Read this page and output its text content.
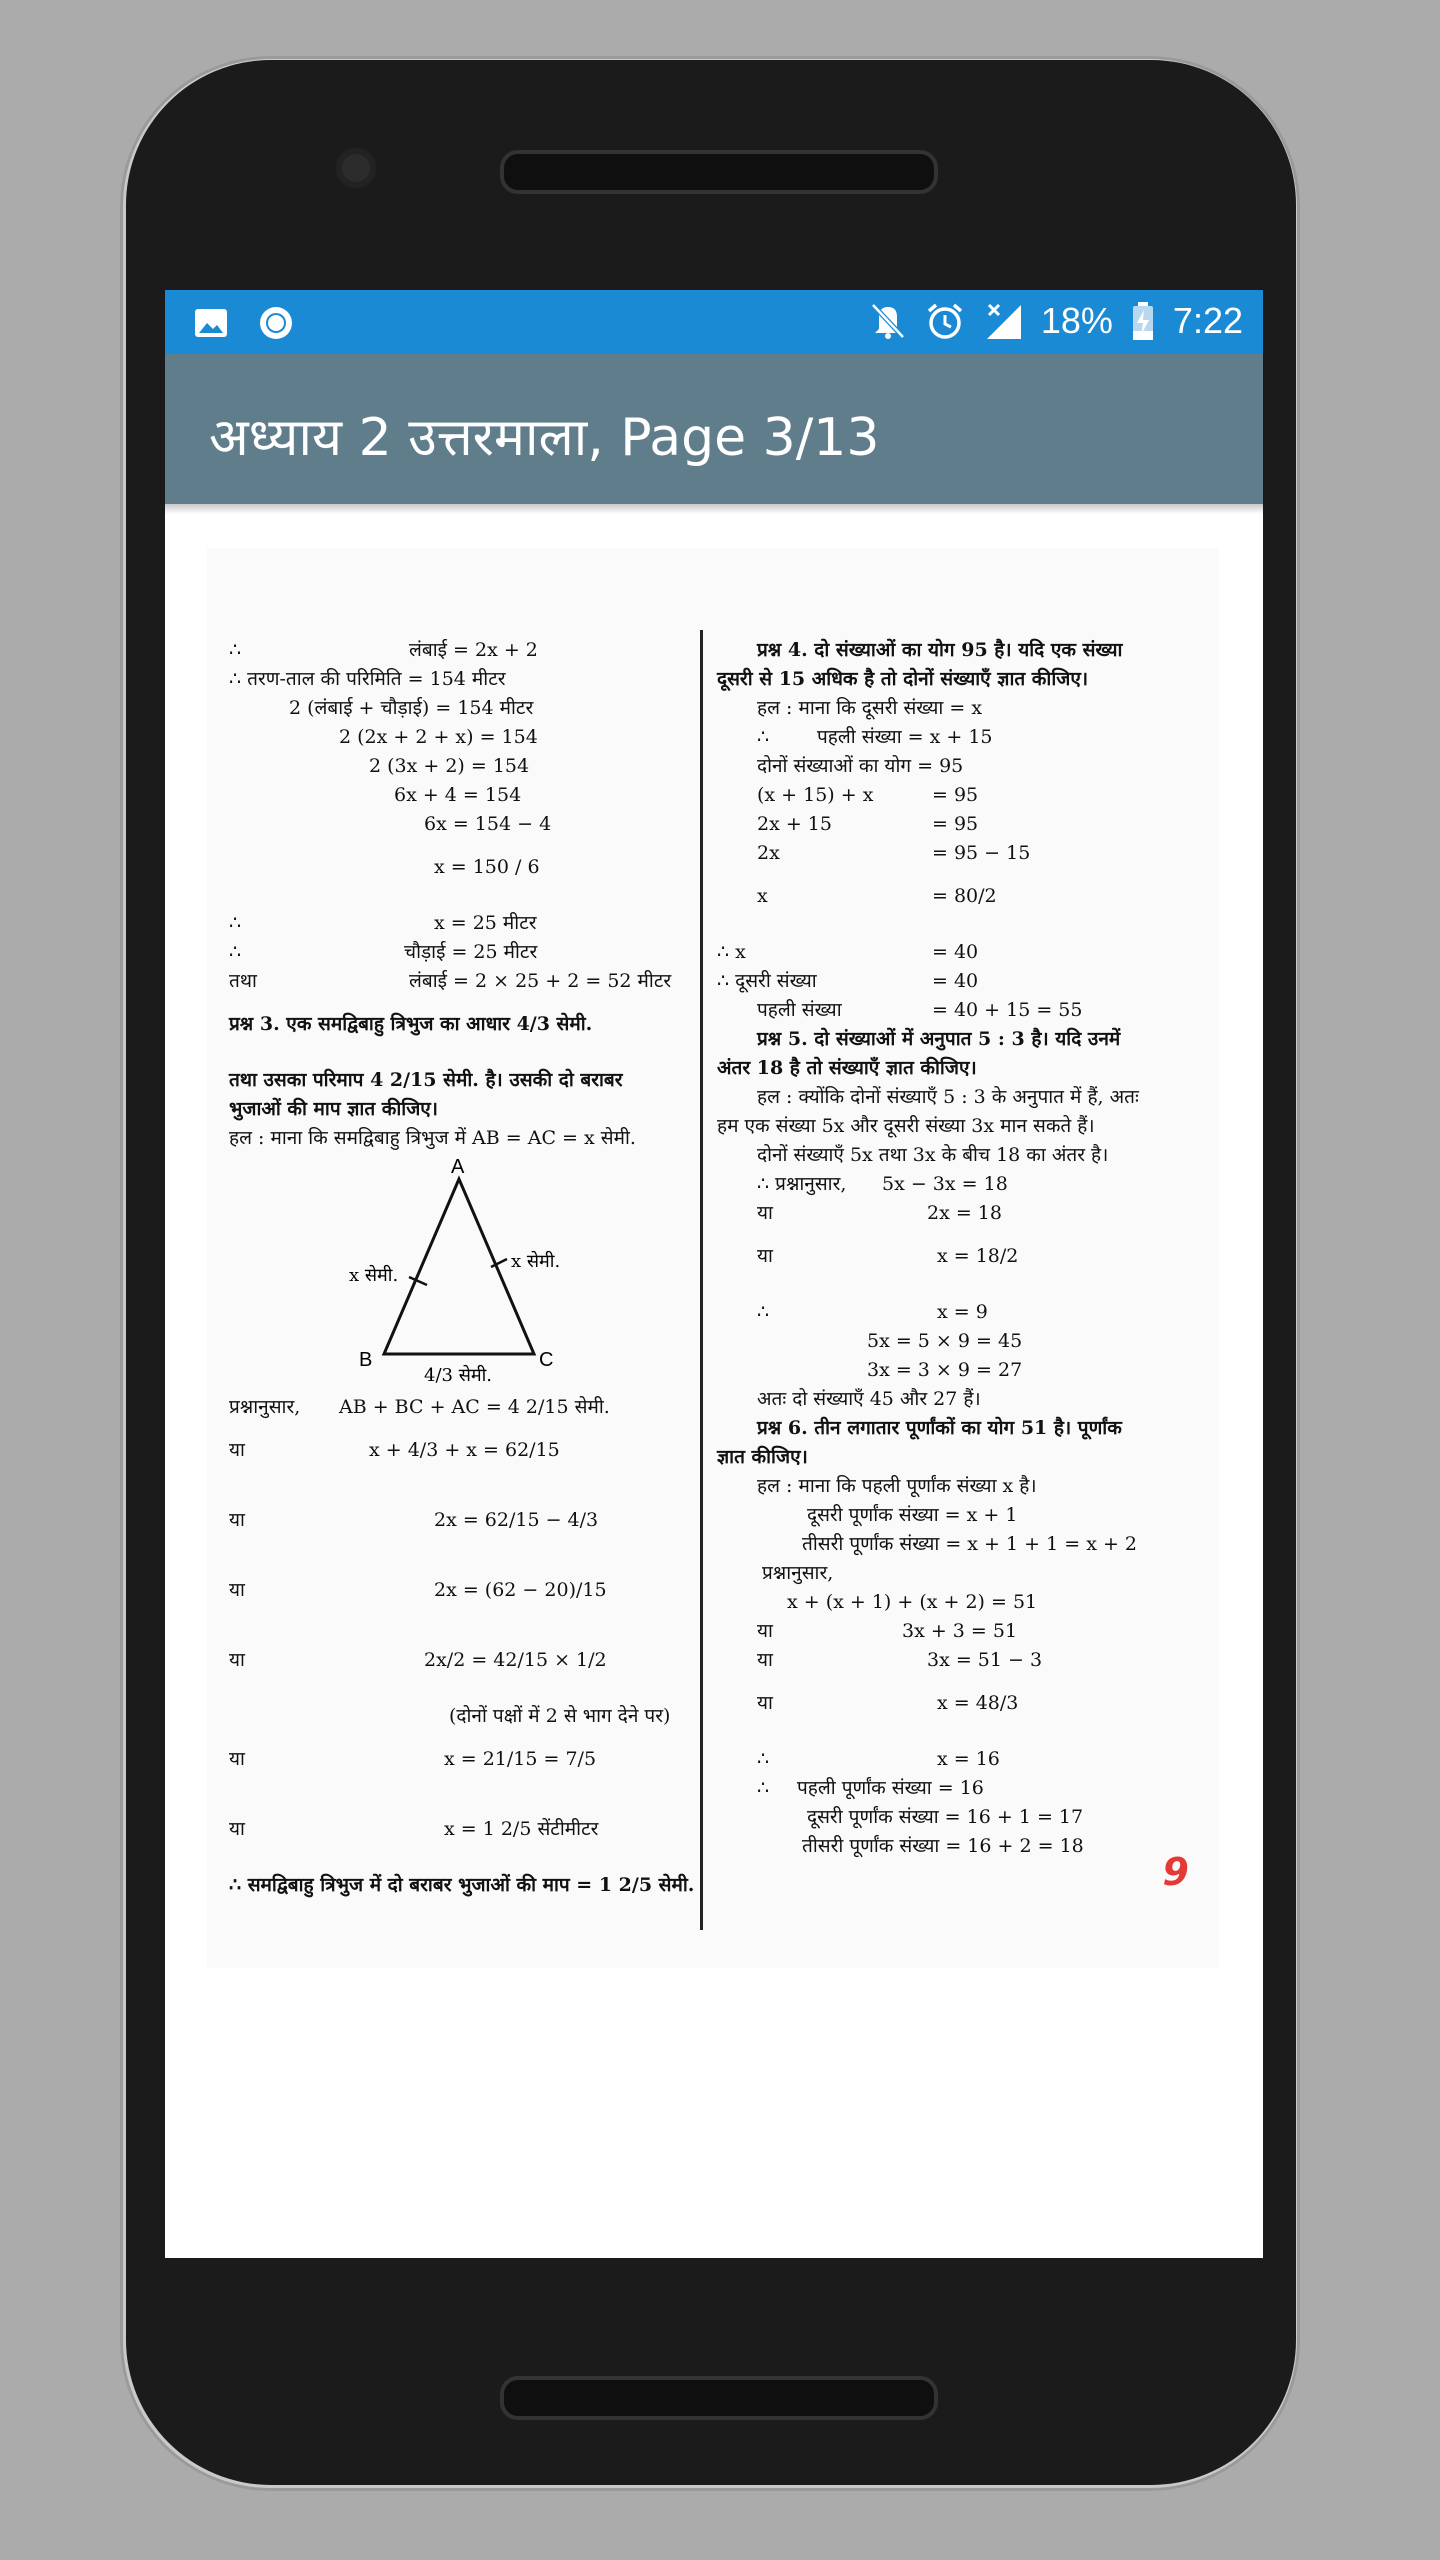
18% 7:22
अध्याय 2 उत्तरमाला, Page 3/13
∴	लंबाई = 2x + 2
∴ तरण-ताल की परिमिति = 154 मीटर
2 (लंबाई + चौड़ाई) = 154 मीटर
2 (2x + 2 + x) = 154
2 (3x + 2) = 154
6x + 4 = 154
6x = 154 − 4
x = 150 / 6
∴	x = 25 मीटर
∴	चौड़ाई = 25 मीटर
तथा	लंबाई = 2 × 25 + 2 = 52 मीटर
प्रश्न 3. एक समद्विबाहु त्रिभुज का आधार 4/3 सेमी.
तथा उसका परिमाप 4 2/15 सेमी. है। उसकी दो बराबर
भुजाओं की माप ज्ञात कीजिए।
हल : माना कि समद्विबाहु त्रिभुज में AB = AC = x सेमी.
A
B	C
x सेमी.
x सेमी.
4/3 सेमी.
प्रश्नानुसार, AB + BC + AC = 4 2/15 सेमी.
या	x + 4/3 + x = 62/15
या	2x = 62/15 − 4/3
या	2x = (62 − 20)/15
या	2x/2 = 42/15 × 1/2
(दोनों पक्षों में 2 से भाग देने पर)
या	x = 21/15 = 7/5
या	x = 1 2/5 सेंटीमीटर
∴ समद्विबाहु त्रिभुज में दो बराबर भुजाओं की माप = 1 2/5 सेमी.
प्रश्न 4. दो संख्याओं का योग 95 है। यदि एक संख्या
दूसरी से 15 अधिक है तो दोनों संख्याएँ ज्ञात कीजिए।
हल : माना कि दूसरी संख्या = x
∴	पहली संख्या = x + 15
दोनों संख्याओं का योग = 95
(x + 15) + x	= 95
2x + 15	= 95
2x	= 95 − 15
x	= 80/2
∴ x	= 40
∴ दूसरी संख्या	= 40
पहली संख्या	= 40 + 15 = 55
प्रश्न 5. दो संख्याओं में अनुपात 5 : 3 है। यदि उनमें
अंतर 18 है तो संख्याएँ ज्ञात कीजिए।
हल : क्योंकि दोनों संख्याएँ 5 : 3 के अनुपात में हैं, अतः
हम एक संख्या 5x और दूसरी संख्या 3x मान सकते हैं।
दोनों संख्याएँ 5x तथा 3x के बीच 18 का अंतर है।
∴ प्रश्नानुसार, 5x − 3x = 18
या	2x = 18
या	x = 18/2
∴	x = 9
5x = 5 × 9 = 45
3x = 3 × 9 = 27
अतः दो संख्याएँ 45 और 27 हैं।
प्रश्न 6. तीन लगातार पूर्णांकों का योग 51 है। पूर्णांक
ज्ञात कीजिए।
हल : माना कि पहली पूर्णांक संख्या x है।
दूसरी पूर्णांक संख्या = x + 1
तीसरी पूर्णांक संख्या = x + 1 + 1 = x + 2
प्रश्नानुसार,
x + (x + 1) + (x + 2) = 51
या	3x + 3 = 51
या	3x = 51 − 3
या	x = 48/3
∴	x = 16
∴ पहली पूर्णांक संख्या = 16
दूसरी पूर्णांक संख्या = 16 + 1 = 17
तीसरी पूर्णांक संख्या = 16 + 2 = 18
9
